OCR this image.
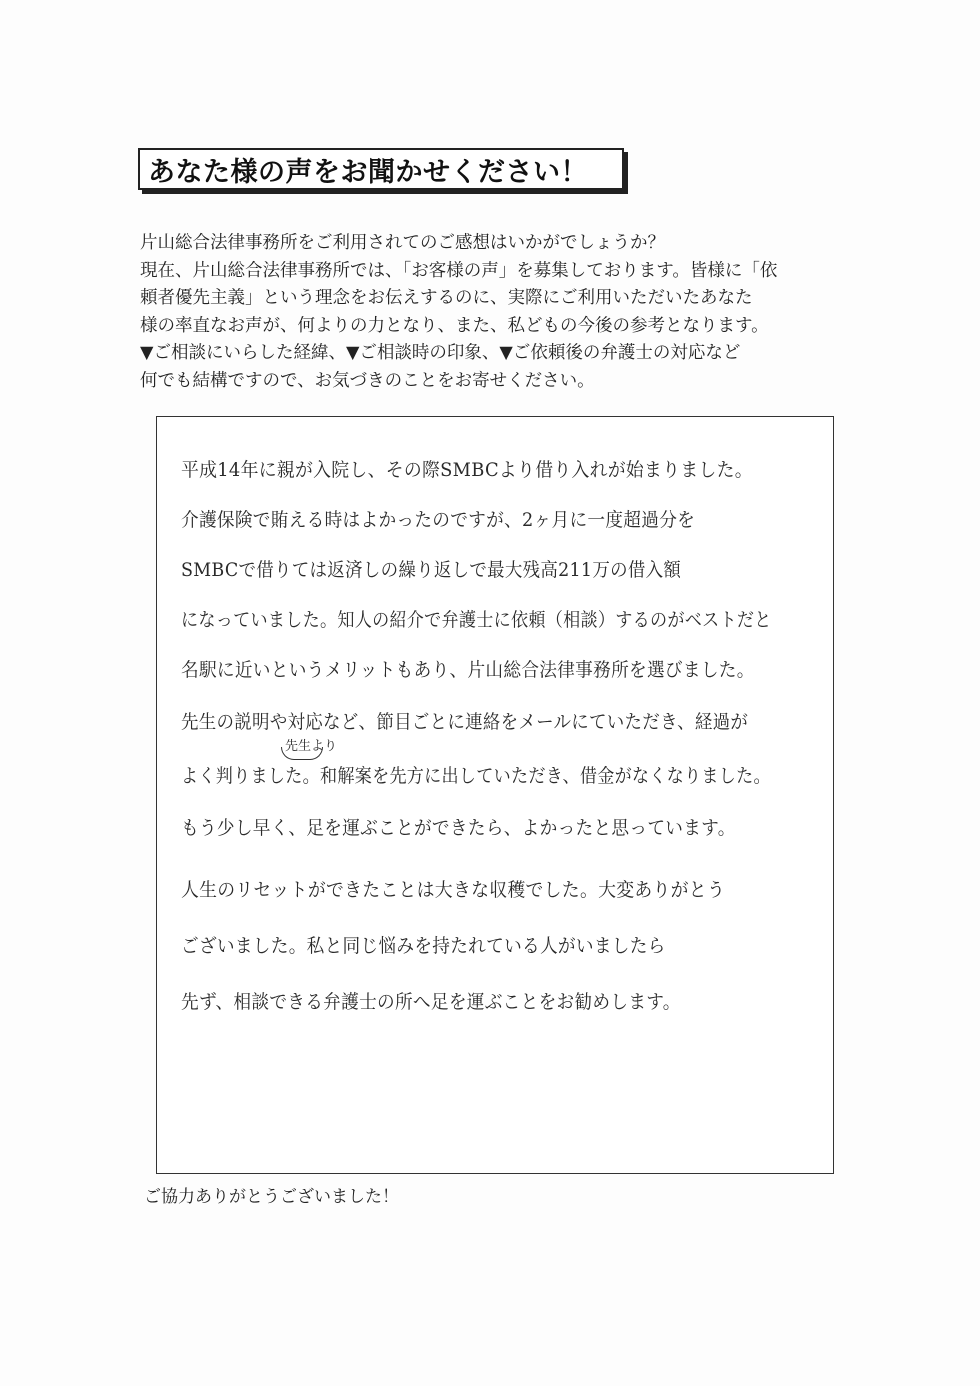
あなた様の声をお聞かせください！

片山総合法律事務所をご利用されてのご感想はいかがでしょうか？

現在、片山総合法律事務所では、「お客様の声」を募集しております。皆様に「依

頼者優先主義」という理念をお伝えするのに、実際にご利用いただいたあなた

様の率直なお声が、何よりの力となり、また、私どもの今後の参考となります。

▼ご相談にいらした経緯、▼ご相談時の印象、▼ご依頼後の弁護士の対応など

何でも結構ですので、お気づきのことをお寄せください。

平成14年に親が入院し、その際SMBCより借り入れが始まりました。
介護保険で賄える時はよかったのですが、2ヶ月に一度超過分を
SMBCで借りては返済しの繰り返しで最大残高211万の借入額
になっていました。知人の紹介で弁護士に依頼（相談）するのがベストだと
名駅に近いというメリットもあり、片山総合法律事務所を選びました。
先生の説明や対応など、節目ごとに連絡をメールにていただき、経過が
先生より
よく判りました。和解案を先方に出していただき、借金がなくなりました。
もう少し早く、足を運ぶことができたら、よかったと思っています。
人生のリセットができたことは大きな収穫でした。大変ありがとう
ございました。私と同じ悩みを持たれている人がいましたら
先ず、相談できる弁護士の所へ足を運ぶことをお勧めします。
ご協力ありがとうございました！
